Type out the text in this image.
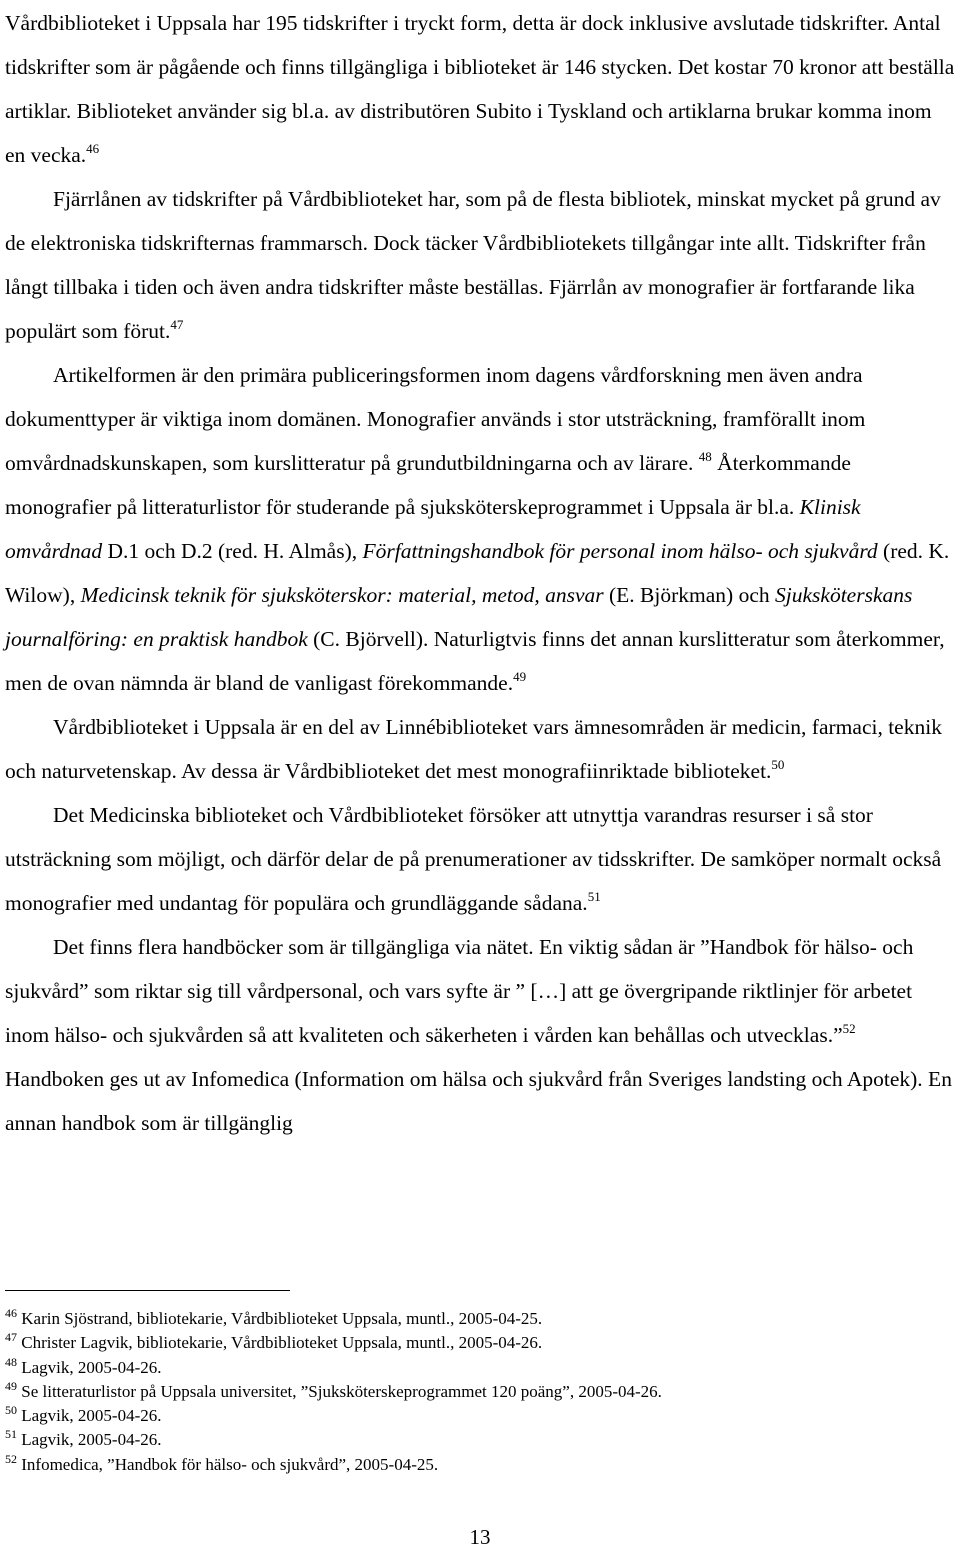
Vårdbiblioteket i Uppsala har 195 tidskrifter i tryckt form, detta är dock inklusive avslutade tidskrifter. Antal tidskrifter som är pågående och finns tillgängliga i biblioteket är 146 stycken. Det kostar 70 kronor att beställa artiklar. Biblioteket använder sig bl.a. av distributören Subito i Tyskland och artiklarna brukar komma inom en vecka.$^{46}$

Fjärrlånen av tidskrifter på Vårdbiblioteket har, som på de flesta bibliotek, minskat mycket på grund av de elektroniska tidskrifternas frammarsch. Dock täcker Vårdbibliotekets tillgångar inte allt. Tidskrifter från långt tillbaka i tiden och även andra tidskrifter måste beställas. Fjärrlån av monografier är fortfarande lika populärt som förut.$^{47}$

Artikelformen är den primära publiceringsformen inom dagens vårdforskning men även andra dokumenttyper är viktiga inom domänen. Monografier används i stor utsträckning, framförallt inom omvårdnadskunskapen, som kurslitteratur på grundutbildningarna och av lärare. $^{48}$ Återkommande monografier på litteraturlistor för studerande på sjuksköterskeprogrammet i Uppsala är bl.a. Klinisk omvårdnad D.1 och D.2 (red. H. Almås), Författningshandbok för personal inom hälso- och sjukvård (red. K. Wilow), Medicinsk teknik för sjuksköterskor: material, metod, ansvar (E. Björkman) och Sjuksköterskans journalföring: en praktisk handbok (C. Björvell). Naturligtvis finns det annan kurslitteratur som återkommer, men de ovan nämnda är bland de vanligast förekommande.$^{49}$

Vårdbiblioteket i Uppsala är en del av Linnébiblioteket vars ämnesområden är medicin, farmaci, teknik och naturvetenskap. Av dessa är Vårdbiblioteket det mest monografiinriktade biblioteket.$^{50}$

Det Medicinska biblioteket och Vårdbiblioteket försöker att utnyttja varandras resurser i så stor utsträckning som möjligt, och därför delar de på prenumerationer av tidsskrifter. De samköper normalt också monografier med undantag för populära och grundläggande sådana.$^{51}$

Det finns flera handböcker som är tillgängliga via nätet. En viktig sådan är ”Handbok för hälso- och sjukvård” som riktar sig till vårdpersonal, och vars syfte är ” […] att ge övergripande riktlinjer för arbetet inom hälso- och sjukvården så att kvaliteten och säkerheten i vården kan behållas och utvecklas.”$^{52}$ Handboken ges ut av Infomedica (Information om hälsa och sjukvård från Sveriges landsting och Apotek). En annan handbok som är tillgänglig

$^{46}$ Karin Sjöstrand, bibliotekarie, Vårdbiblioteket Uppsala, muntl., 2005-04-25.
$^{47}$ Christer Lagvik, bibliotekarie, Vårdbiblioteket Uppsala, muntl., 2005-04-26.
$^{48}$ Lagvik, 2005-04-26.
$^{49}$ Se litteraturlistor på Uppsala universitet, ”Sjuksköterskeprogrammet 120 poäng”, 2005-04-26.
$^{50}$ Lagvik, 2005-04-26.
$^{51}$ Lagvik, 2005-04-26.
$^{52}$ Infomedica, ”Handbok för hälso- och sjukvård”, 2005-04-25.
13
